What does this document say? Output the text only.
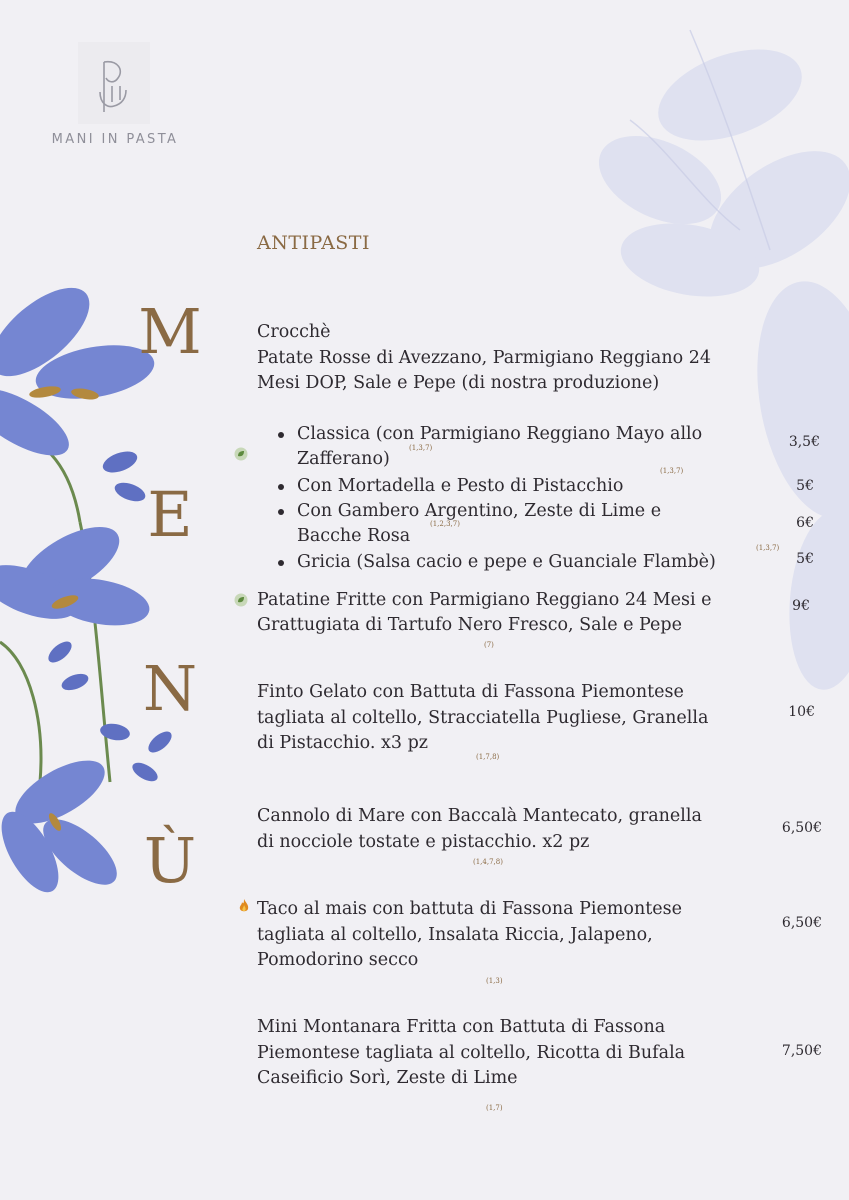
MANI IN PASTA
M
E
N
Ù
ANTIPASTI
Crocchè
Patate Rosse di Avezzano, Parmigiano Reggiano 24
Mesi DOP, Sale e Pepe (di nostra produzione)
Classica (con Parmigiano Reggiano Mayo allo
Zafferano)
(1,3,7)	3,5€
Con Mortadella e Pesto di Pistacchio
(1,3,7)
5€
Con Gambero Argentino, Zeste di Lime e
Bacche Rosa
(1,2,3,7)	6€
Gricia (Salsa cacio e pepe e Guanciale Flambè)
(1,3,7)
5€
Patatine Fritte con Parmigiano Reggiano 24 Mesi e
Grattugiata di Tartufo Nero Fresco, Sale e Pepe
(7)
9€
Finto Gelato con Battuta di Fassona Piemontese
tagliata al coltello, Stracciatella Pugliese, Granella
di Pistacchio. x3 pz
(1,7,8)
10€
Cannolo di Mare con Baccalà Mantecato, granella
di nocciole tostate e pistacchio. x2 pz
(1,4,7,8)
6,50€
Taco al mais con battuta di Fassona Piemontese
tagliata al coltello, Insalata Riccia, Jalapeno,
Pomodorino secco
(1,3)
6,50€
Mini Montanara Fritta con Battuta di Fassona
Piemontese tagliata al coltello, Ricotta di Bufala
Caseificio Sorì, Zeste di Lime
(1,7)
7,50€
